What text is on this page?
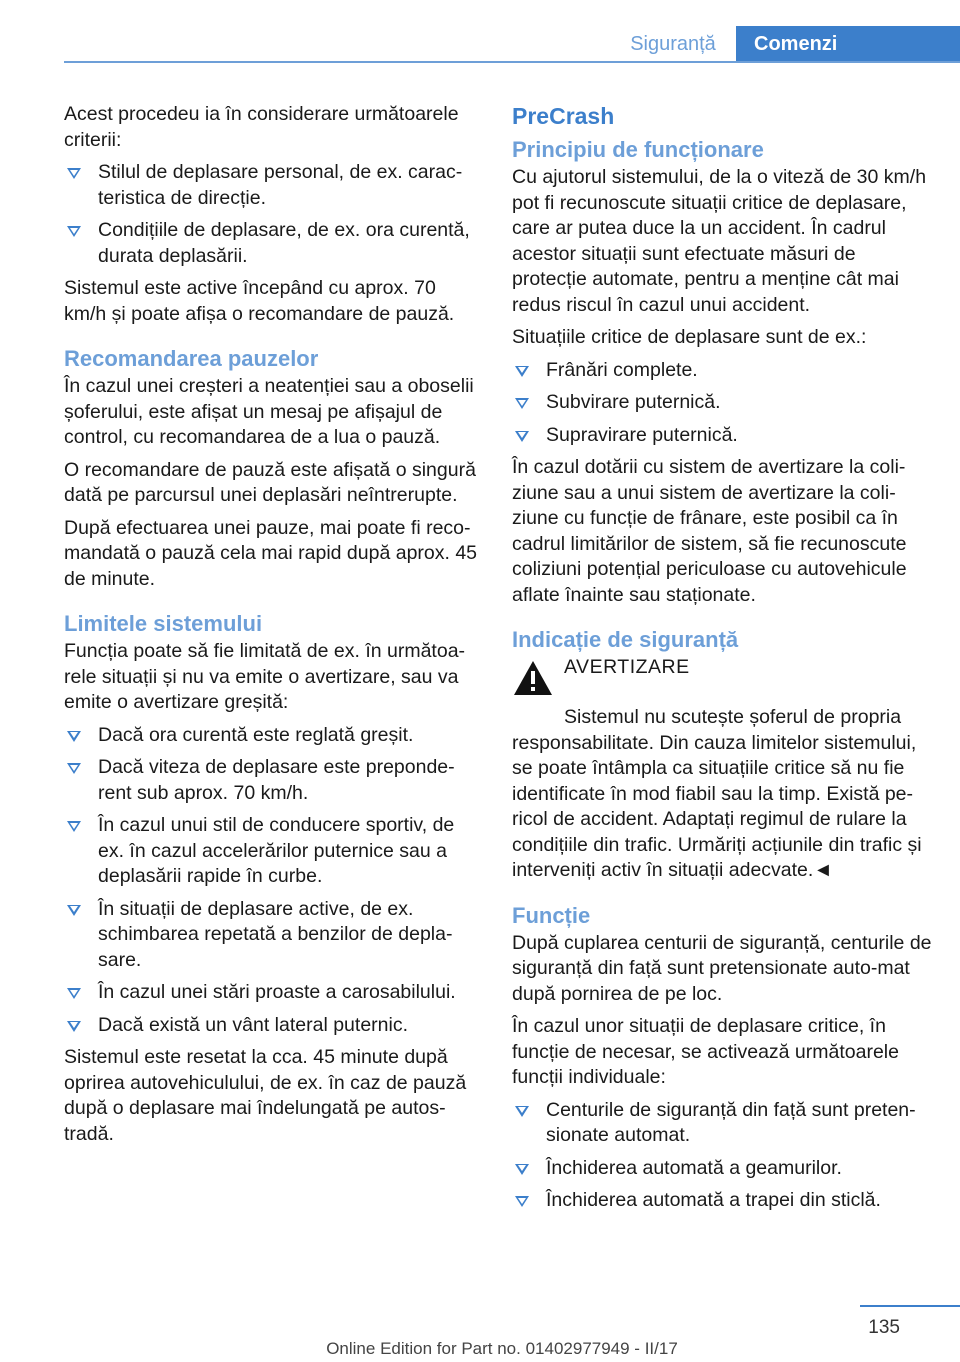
Siguranță	Comenzi

Acest procedeu ia în considerare următoarele criterii:

Stilul de deplasare personal, de ex. carac-teristica de direcție.
Condițiile de deplasare, de ex. ora curentă, durata deplasării.

Sistemul este active începând cu aprox. 70 km/h și poate afișa o recomandare de pauză.

Recomandarea pauzelor

În cazul unei creșteri a neatenției sau a oboselii șoferului, este afișat un mesaj pe afișajul de control, cu recomandarea de a lua o pauză.

O recomandare de pauză este afișată o singură dată pe parcursul unei deplasări neîntrerupte.

După efectuarea unei pauze, mai poate fi reco-mandată o pauză cela mai rapid după aprox. 45 de minute.

Limitele sistemului

Funcția poate să fie limitată de ex. în următoa-rele situații și nu va emite o avertizare, sau va emite o avertizare greșită:

Dacă ora curentă este reglată greșit.
Dacă viteza de deplasare este preponde-rent sub aprox. 70 km/h.
În cazul unui stil de conducere sportiv, de ex. în cazul accelerărilor puternice sau a deplasării rapide în curbe.
În situații de deplasare active, de ex. schimbarea repetată a benzilor de depla-sare.
În cazul unei stări proaste a carosabilului.
Dacă există un vânt lateral puternic.

Sistemul este resetat la cca. 45 minute după oprirea autovehiculului, de ex. în caz de pauză după o deplasare mai îndelungată pe autos-tradă.

PreCrash
Principiu de funcționare

Cu ajutorul sistemului, de la o viteză de 30 km/h pot fi recunoscute situații critice de deplasare, care ar putea duce la un accident. În cadrul acestor situații sunt efectuate măsuri de protecție automate, pentru a menține cât mai redus riscul în cazul unui accident.

Situațiile critice de deplasare sunt de ex.:

Frânări complete.
Subvirare puternică.
Supravirare puternică.

În cazul dotării cu sistem de avertizare la coli-ziune sau a unui sistem de avertizare la coli-ziune cu funcție de frânare, este posibil ca în cadrul limitărilor de sistem, să fie recunoscute coliziuni potențial periculoase cu autovehicule aflate înainte sau staționate.

Indicație de siguranță
AVERTIZARE

Sistemul nu scutește șoferul de propria responsabilitate. Din cauza limitelor sistemului, se poate întâmpla ca situațiile critice să nu fie identificate în mod fiabil sau la timp. Există pe-ricol de accident. Adaptați regimul de rulare la condițiile din trafic. Urmăriți acțiunile din trafic și interveniți activ în situații adecvate.◄

Funcție

După cuplarea centurii de siguranță, centurile de siguranță din față sunt pretensionate auto-mat după pornirea de pe loc.

În cazul unor situații de deplasare critice, în funcție de necesar, se activează următoarele funcții individuale:

Centurile de siguranță din față sunt preten-sionate automat.
Închiderea automată a geamurilor.
Închiderea automată a trapei din sticlă.
135
Online Edition for Part no. 01402977949 - II/17
